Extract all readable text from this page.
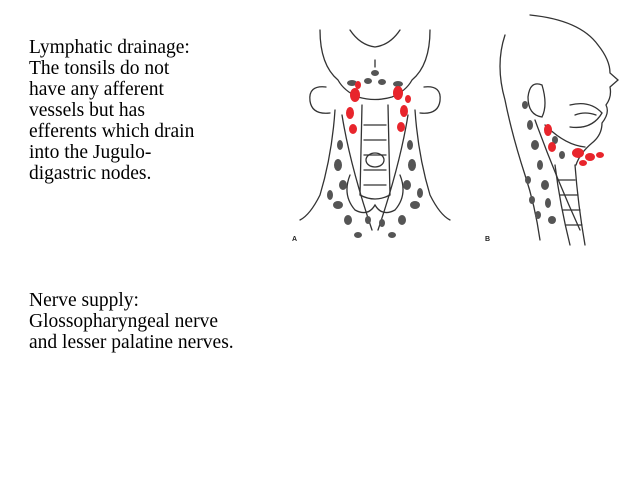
Lymphatic drainage:
The tonsils do not
have any afferent
vessels but has
efferents which drain
into the Jugulo-
digastric nodes.

Nerve supply:
Glossopharyngeal nerve
and lesser palatine nerves.

A	B
